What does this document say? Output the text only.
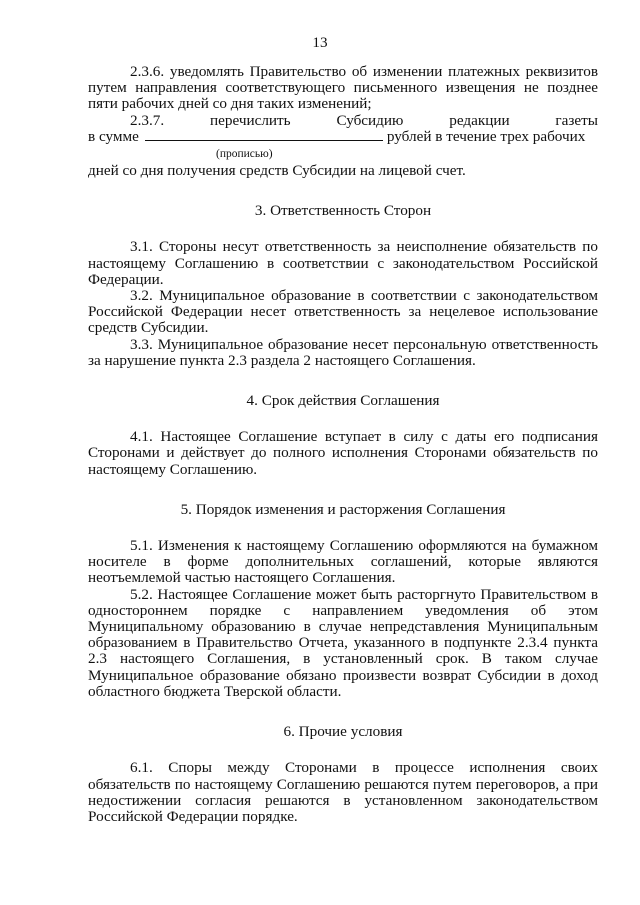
13

2.3.6. уведомлять Правительство об изменении платежных реквизитов путем направления соответствующего письменного извещения не позднее пяти рабочих дней со дня таких изменений;

2.3.7.	перечислить	Субсидию	редакции	газеты
в сумме	рублей в течение трех рабочих
(прописью)
дней со дня получения средств Субсидии на лицевой счет.
3. Ответственность Сторон

3.1. Стороны несут ответственность за неисполнение обязательств по настоящему Соглашению в соответствии с законодательством Российской Федерации.

3.2. Муниципальное образование в соответствии с законодательством Российской Федерации несет ответственность за нецелевое использование средств Субсидии.

3.3. Муниципальное образование несет персональную ответственность за нарушение пункта 2.3 раздела 2 настоящего Соглашения.

4. Срок действия Соглашения

4.1. Настоящее Соглашение вступает в силу с даты его подписания Сторонами и действует до полного исполнения Сторонами обязательств по настоящему Соглашению.

5. Порядок изменения и расторжения Соглашения

5.1. Изменения к настоящему Соглашению оформляются на бумажном носителе в форме дополнительных соглашений, которые являются неотъемлемой частью настоящего Соглашения.

5.2. Настоящее Соглашение может быть расторгнуто Правительством в одностороннем порядке с направлением уведомления об этом Муниципальному образованию в случае непредставления Муниципальным образованием в Правительство Отчета, указанного в подпункте 2.3.4 пункта 2.3 настоящего Соглашения, в установленный срок. В таком случае Муниципальное образование обязано произвести возврат Субсидии в доход областного бюджета Тверской области.

6. Прочие условия

6.1. Споры между Сторонами в процессе исполнения своих обязательств по настоящему Соглашению решаются путем переговоров, а при недостижении согласия решаются в установленном законодательством Российской Федерации порядке.
